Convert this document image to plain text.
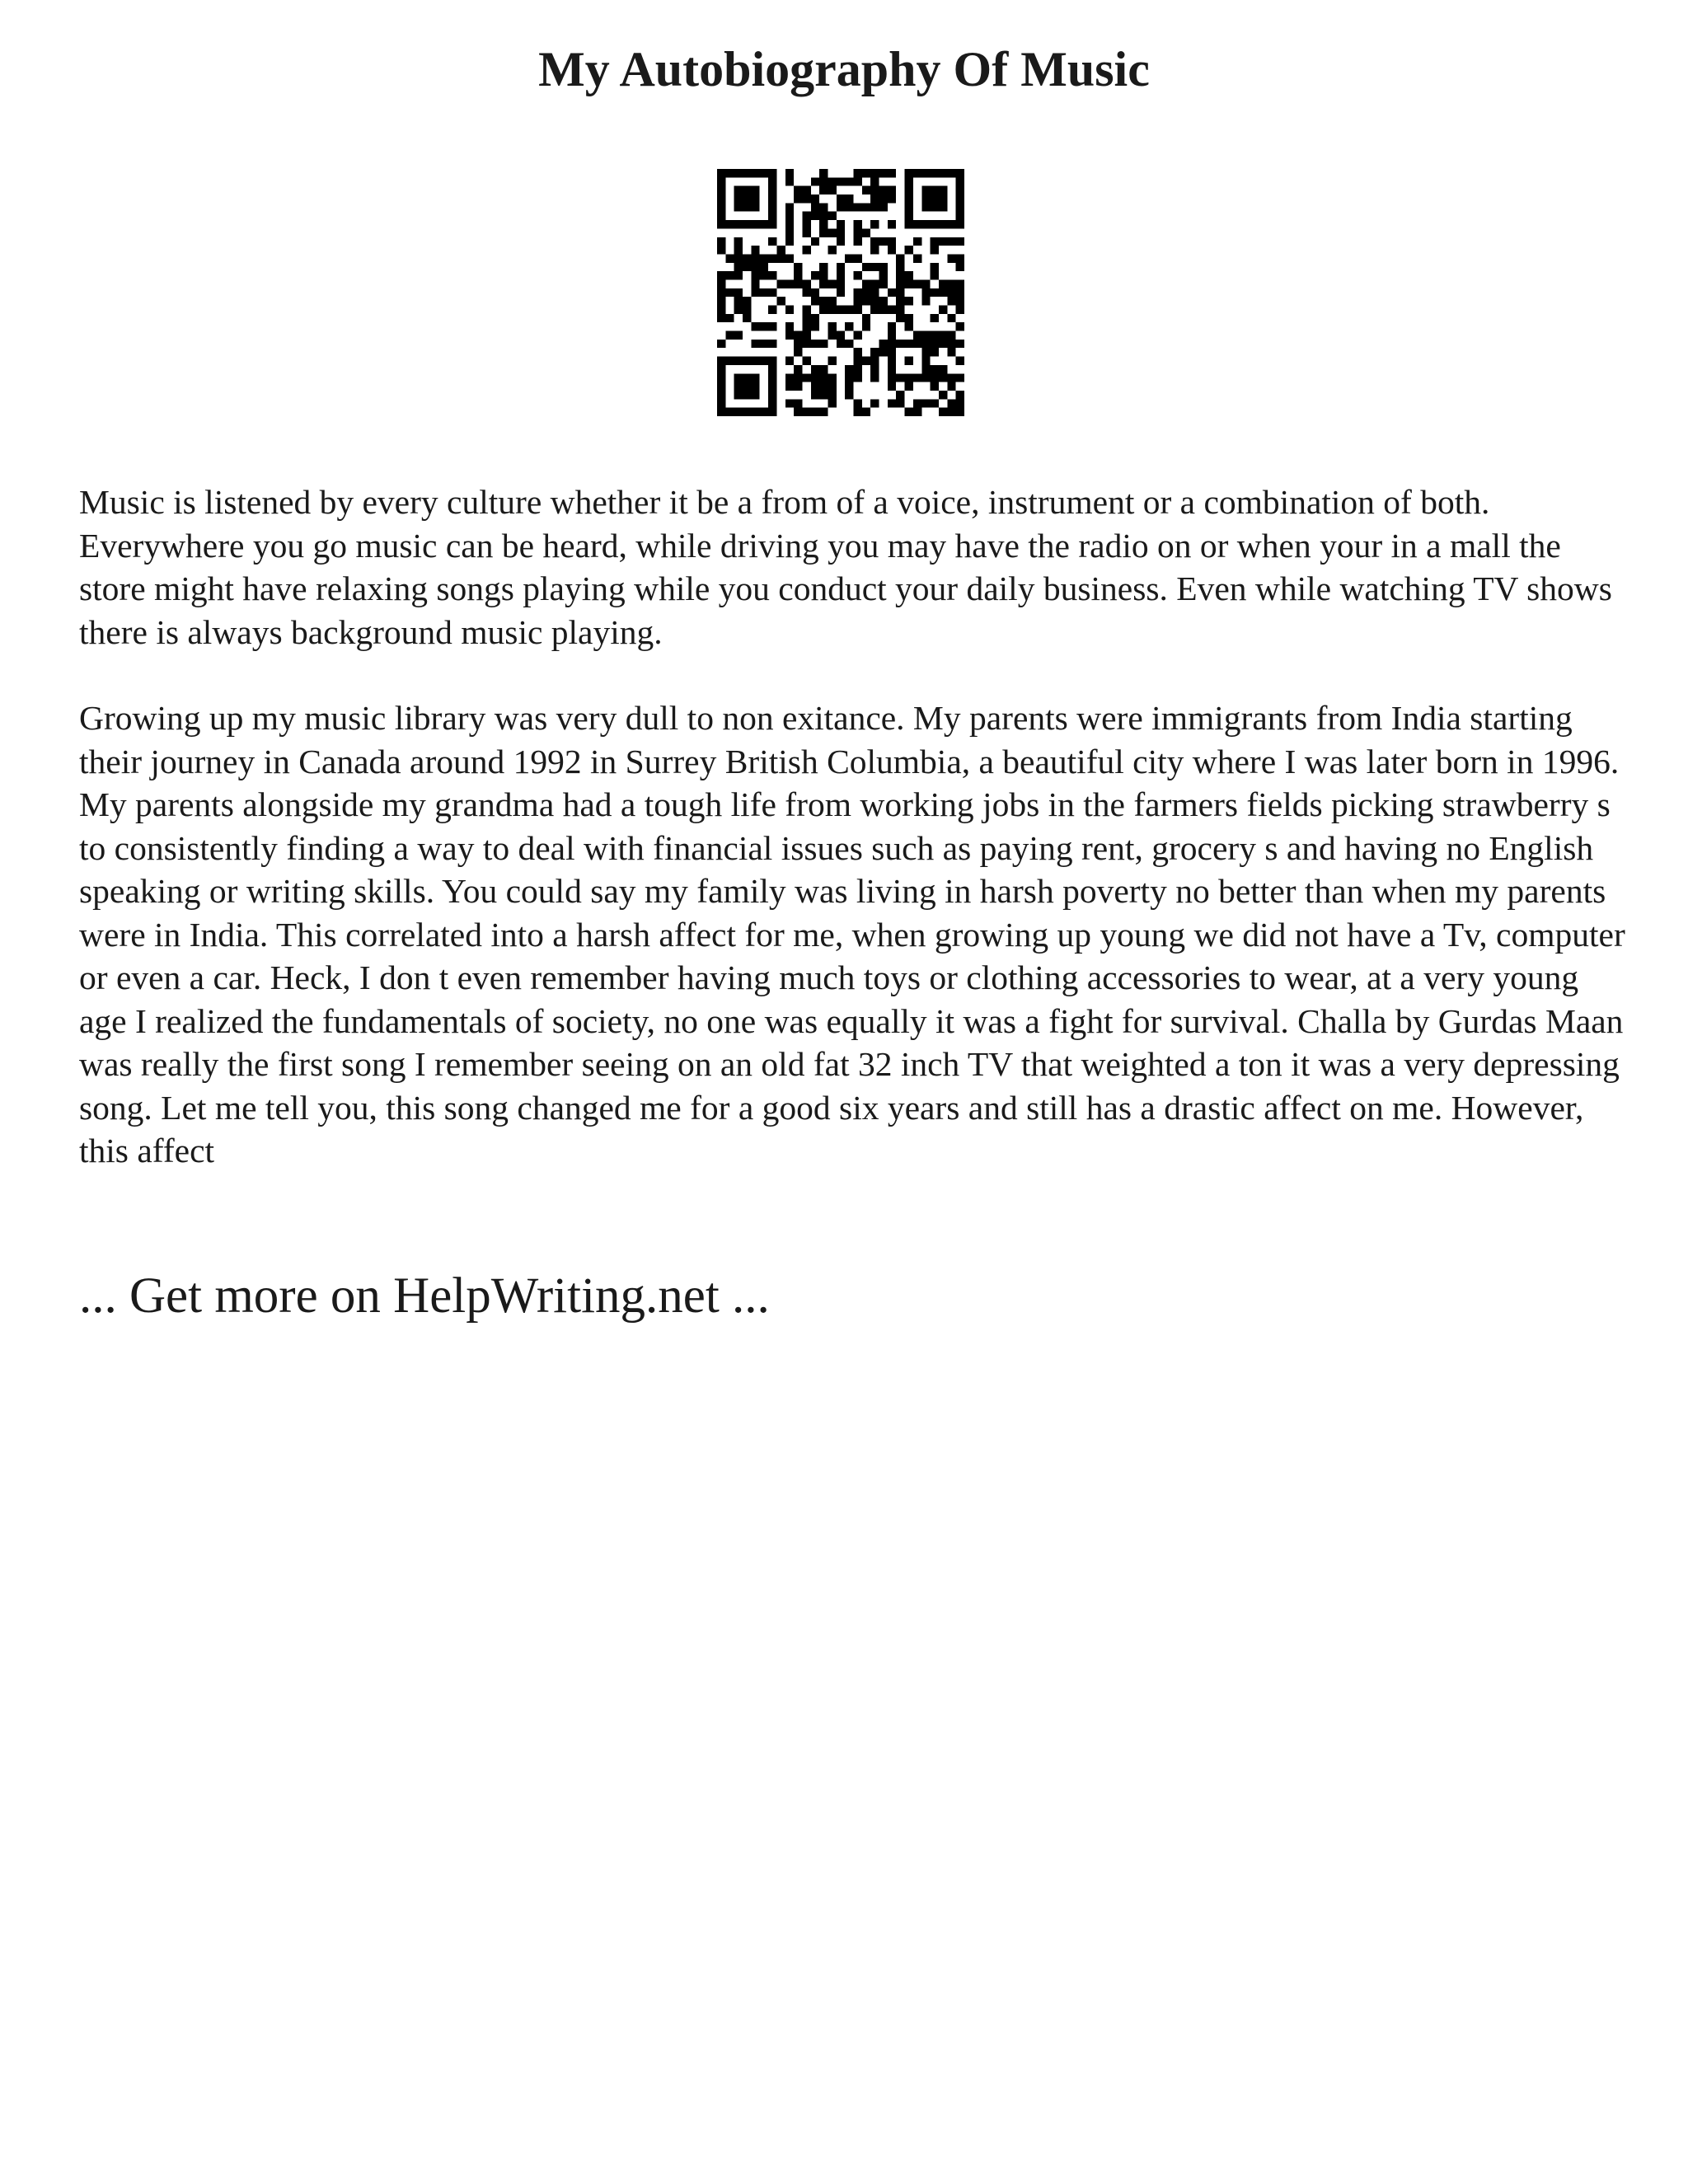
My Autobiography Of Music

Music is listened by every culture whether it be a from of a voice, instrument or a combination of both. Everywhere you go music can be heard, while driving you may have the radio on or when your in a mall the store might have relaxing songs playing while you conduct your daily business. Even while watching TV shows there is always background music playing.

Growing up my music library was very dull to non exitance. My parents were immigrants from India starting their journey in Canada around 1992 in Surrey British Columbia, a beautiful city where I was later born in 1996. My parents alongside my grandma had a tough life from working jobs in the farmers fields picking strawberry s to consistently finding a way to deal with financial issues such as paying rent, grocery s and having no English speaking or writing skills. You could say my family was living in harsh poverty no better than when my parents were in India. This correlated into a harsh affect for me, when growing up young we did not have a Tv, computer or even a car. Heck, I don t even remember having much toys or clothing accessories to wear, at a very young age I realized the fundamentals of society, no one was equally it was a fight for survival. Challa by Gurdas Maan was really the first song I remember seeing on an old fat 32 inch TV that weighted a ton it was a very depressing song. Let me tell you, this song changed me for a good six years and still has a drastic affect on me. However, this affect

... Get more on HelpWriting.net ...
